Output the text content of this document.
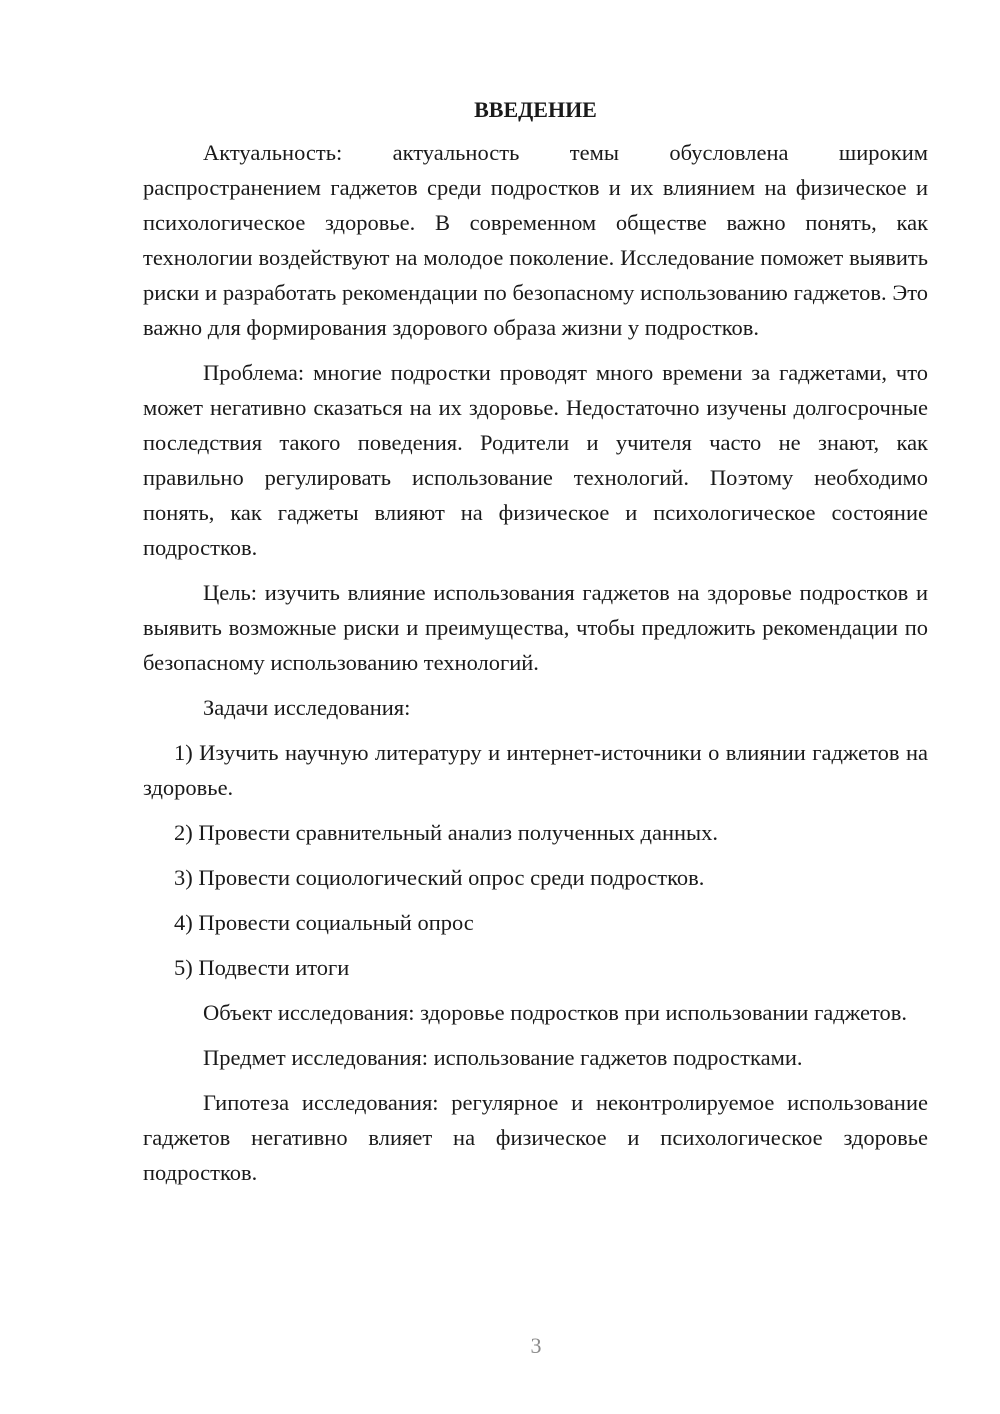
ВВЕДЕНИЕ

Актуальность: актуальность темы обусловлена широким распространением гаджетов среди подростков и их влиянием на физическое и психологическое здоровье. В современном обществе важно понять, как технологии воздействуют на молодое поколение. Исследование поможет выявить риски и разработать рекомендации по безопасному использованию гаджетов. Это важно для формирования здорового образа жизни у подростков.

Проблема: многие подростки проводят много времени за гаджетами, что может негативно сказаться на их здоровье. Недостаточно изучены долгосрочные последствия такого поведения. Родители и учителя часто не знают, как правильно регулировать использование технологий. Поэтому необходимо понять, как гаджеты влияют на физическое и психологическое состояние подростков.

Цель: изучить влияние использования гаджетов на здоровье подростков и выявить возможные риски и преимущества, чтобы предложить рекомендации по безопасному использованию технологий.

Задачи исследования:

1) Изучить научную литературу и интернет-источники о влиянии гаджетов на здоровье.

2) Провести сравнительный анализ полученных данных.

3) Провести социологический опрос среди подростков.

4) Провести социальный опрос

5) Подвести итоги

Объект исследования: здоровье подростков при использовании гаджетов.

Предмет исследования: использование гаджетов подростками.

Гипотеза исследования: регулярное и неконтролируемое использование гаджетов негативно влияет на физическое и психологическое здоровье подростков.

3
